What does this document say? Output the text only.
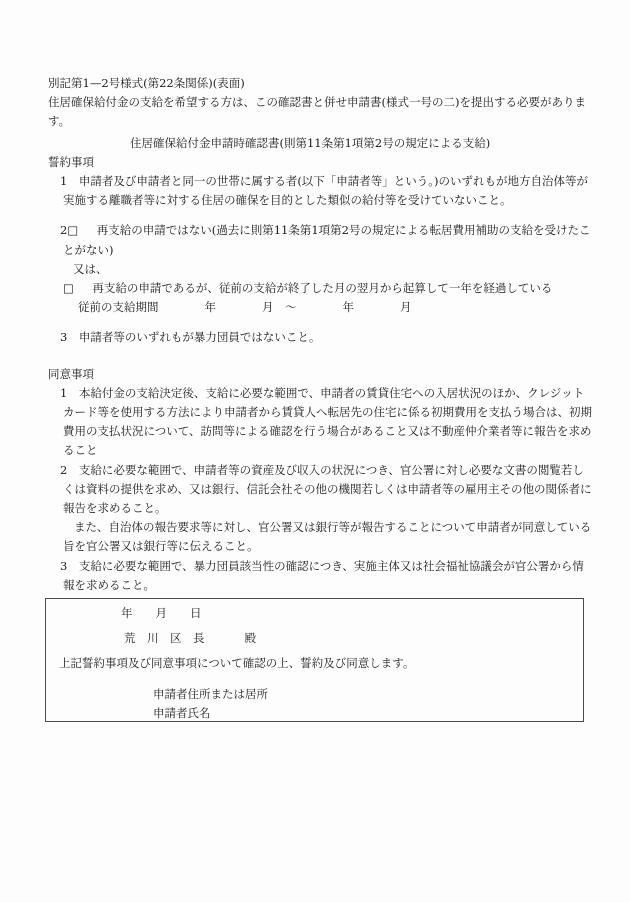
別記第1—2号様式(第22条関係)(表面)

住居確保給付金の支給を希望する方は、この確認書と併せ申請書(様式一号の二)を提出する必要があります。

住居確保給付金申請時確認書(則第11条第1項第2号の規定による支給)

誓約事項

1　申請者及び申請者と同一の世帯に属する者(以下「申請者等」という。)のいずれもが地方自治体等が実施する離職者等に対する住居の確保を目的とした類似の給付等を受けていないこと。

2□　再支給の申請ではない(過去に則第11条第1項第2号の規定による転居費用補助の支給を受けたことがない)

又は、

□　再支給の申請であるが、従前の支給が終了した月の翌月から起算して一年を経過している

従前の支給期間　　　　年　　　　月　～　　　　年　　　　月

3　申請者等のいずれもが暴力団員ではないこと。

同意事項

1　本給付金の支給決定後、支給に必要な範囲で、申請者の賃貸住宅への入居状況のほか、クレジットカード等を使用する方法により申請者から賃貸人へ転居先の住宅に係る初期費用を支払う場合は、初期費用の支払状況について、訪問等による確認を行う場合があること又は不動産仲介業者等に報告を求めること

2　支給に必要な範囲で、申請者等の資産及び収入の状況につき、官公署に対し必要な文書の閲覧若しくは資料の提供を求め、又は銀行、信託会社その他の機関若しくは申請者等の雇用主その他の関係者に報告を求めること。

また、自治体の報告要求等に対し、官公署又は銀行等が報告することについて申請者が同意している旨を官公署又は銀行等に伝えること。

3　支給に必要な範囲で、暴力団員該当性の確認につき、実施主体又は社会福祉協議会が官公署から情報を求めること。

年　　月　　日

荒　川　区　長	殿

上記誓約事項及び同意事項について確認の上、誓約及び同意します。

申請者住所または居所

申請者氏名
